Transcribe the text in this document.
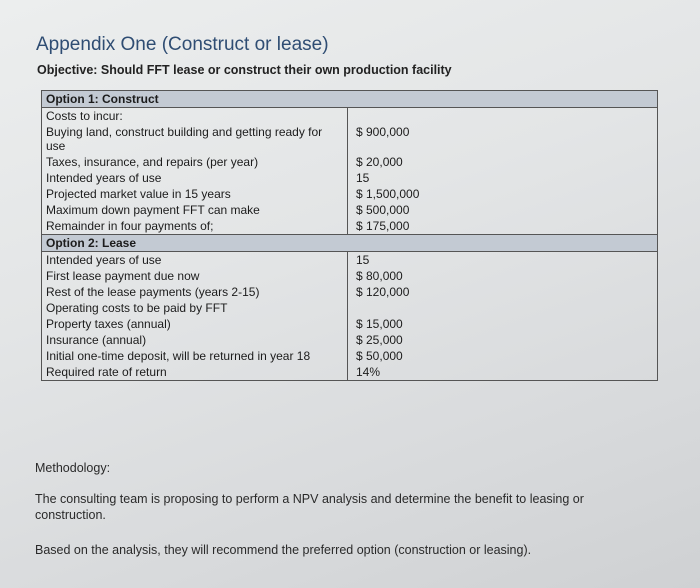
Appendix One (Construct or lease)
Objective: Should FFT lease or construct their own production facility
Option 1: Construct	
Costs to incur:	
Buying land, construct building and getting ready for use	$ 900,000
Taxes, insurance, and repairs (per year)	$ 20,000
Intended years of use	15
Projected market value in 15 years	$ 1,500,000
Maximum down payment FFT can make	$ 500,000
Remainder in four payments of;	$ 175,000
Option 2: Lease	
Intended years of use	15
First lease payment due now	$ 80,000
Rest of the lease payments (years 2-15)	$ 120,000
Operating costs to be paid by FFT	
Property taxes (annual)	$ 15,000
Insurance (annual)	$ 25,000
Initial one-time deposit, will be returned in year 18	$ 50,000
Required rate of return	14%
Methodology:
The consulting team is proposing to perform a NPV analysis and determine the benefit to leasing or construction.
Based on the analysis, they will recommend the preferred option (construction or leasing).
